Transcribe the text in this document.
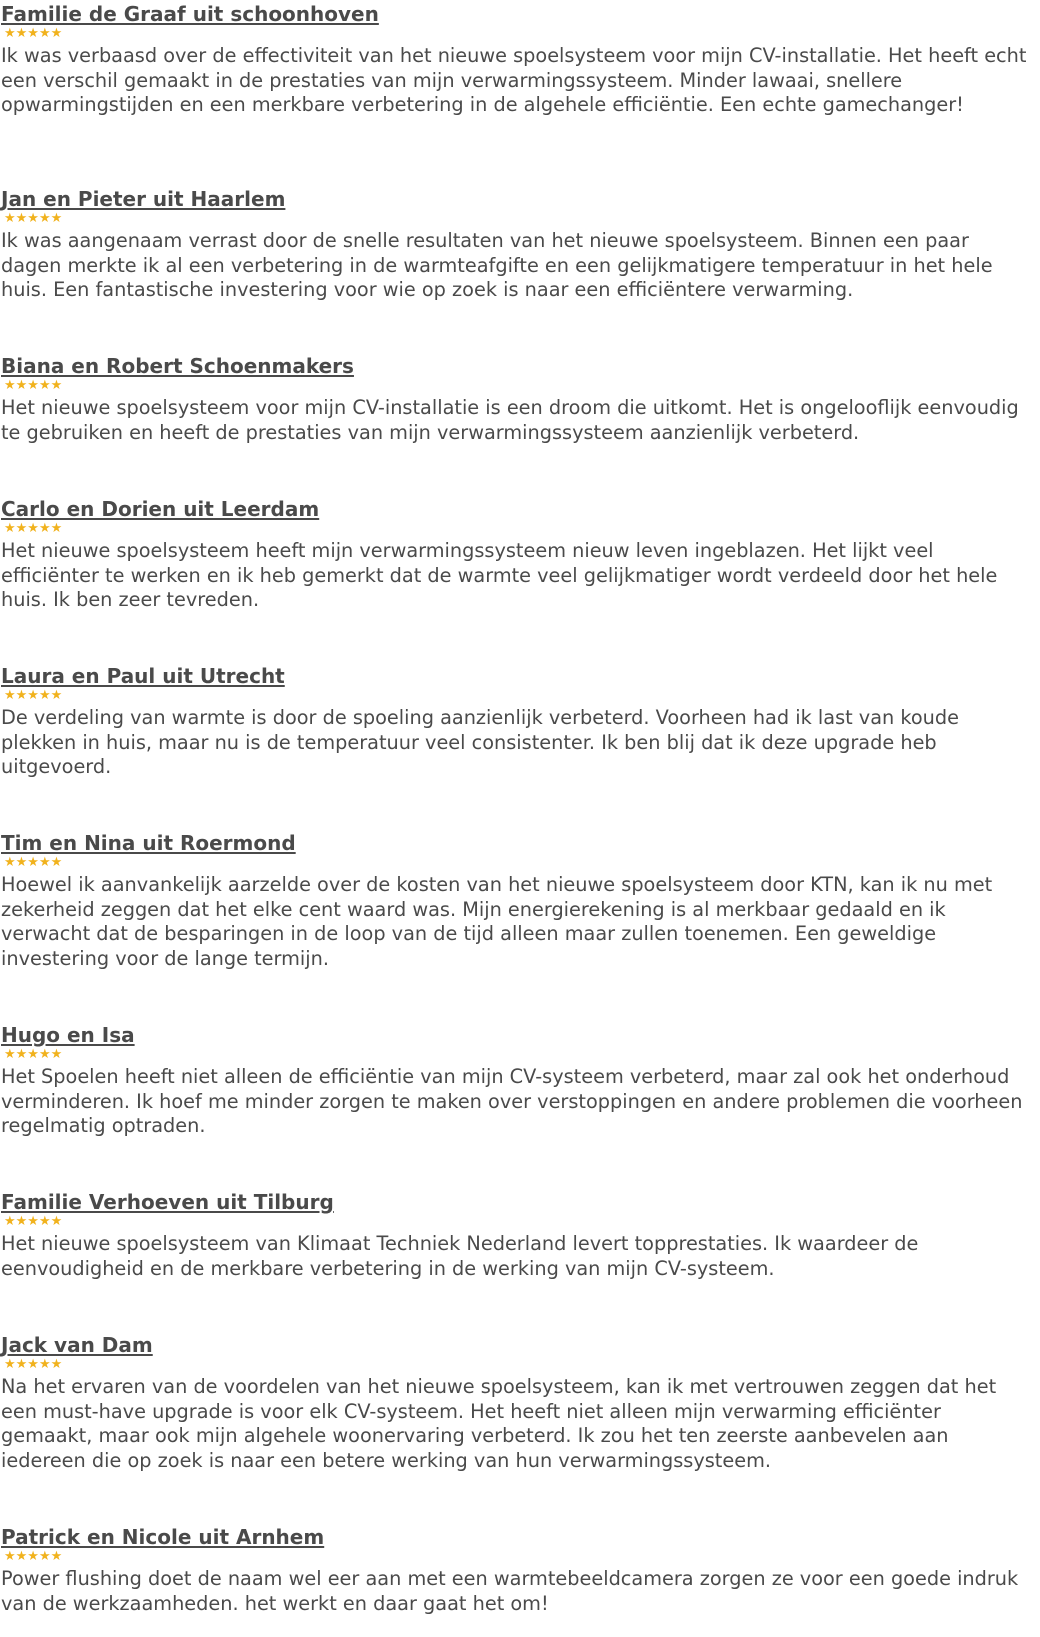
Familie de Graaf uit schoonhoven
★★★★★
Ik was verbaasd over de effectiviteit van het nieuwe spoelsysteem voor mijn CV-installatie. Het heeft echt een verschil gemaakt in de prestaties van mijn verwarmingssysteem. Minder lawaai, snellere opwarmingstijden en een merkbare verbetering in de algehele efficiëntie. Een echte gamechanger!
Jan en Pieter uit Haarlem
★★★★★
Ik was aangenaam verrast door de snelle resultaten van het nieuwe spoelsysteem. Binnen een paar dagen merkte ik al een verbetering in de warmteafgifte en een gelijkmatigere temperatuur in het hele huis. Een fantastische investering voor wie op zoek is naar een efficiëntere verwarming.
Biana en Robert Schoenmakers
★★★★★
Het nieuwe spoelsysteem voor mijn CV-installatie is een droom die uitkomt. Het is ongelooflijk eenvoudig te gebruiken en heeft de prestaties van mijn verwarmingssysteem aanzienlijk verbeterd.
Carlo en Dorien uit Leerdam
★★★★★
Het nieuwe spoelsysteem heeft mijn verwarmingssysteem nieuw leven ingeblazen. Het lijkt veel efficiënter te werken en ik heb gemerkt dat de warmte veel gelijkmatiger wordt verdeeld door het hele huis. Ik ben zeer tevreden.
Laura en Paul uit Utrecht
★★★★★
De verdeling van warmte is door de spoeling aanzienlijk verbeterd. Voorheen had ik last van koude plekken in huis, maar nu is de temperatuur veel consistenter. Ik ben blij dat ik deze upgrade heb uitgevoerd.
Tim en Nina uit Roermond
★★★★★
Hoewel ik aanvankelijk aarzelde over de kosten van het nieuwe spoelsysteem door KTN, kan ik nu met zekerheid zeggen dat het elke cent waard was. Mijn energierekening is al merkbaar gedaald en ik verwacht dat de besparingen in de loop van de tijd alleen maar zullen toenemen. Een geweldige investering voor de lange termijn.
Hugo en Isa
★★★★★
Het Spoelen heeft niet alleen de efficiëntie van mijn CV-systeem verbeterd, maar zal ook het onderhoud verminderen. Ik hoef me minder zorgen te maken over verstoppingen en andere problemen die voorheen regelmatig optraden.
Familie Verhoeven uit Tilburg
★★★★★
Het nieuwe spoelsysteem van Klimaat Techniek Nederland levert topprestaties. Ik waardeer de eenvoudigheid en de merkbare verbetering in de werking van mijn CV-systeem.
Jack van Dam
★★★★★
Na het ervaren van de voordelen van het nieuwe spoelsysteem, kan ik met vertrouwen zeggen dat het een must-have upgrade is voor elk CV-systeem. Het heeft niet alleen mijn verwarming efficiënter gemaakt, maar ook mijn algehele woonervaring verbeterd. Ik zou het ten zeerste aanbevelen aan iedereen die op zoek is naar een betere werking van hun verwarmingssysteem.
Patrick en Nicole uit Arnhem
★★★★★
Power flushing doet de naam wel eer aan met een warmtebeeldcamera zorgen ze voor een goede indruk van de werkzaamheden. het werkt en daar gaat het om!
